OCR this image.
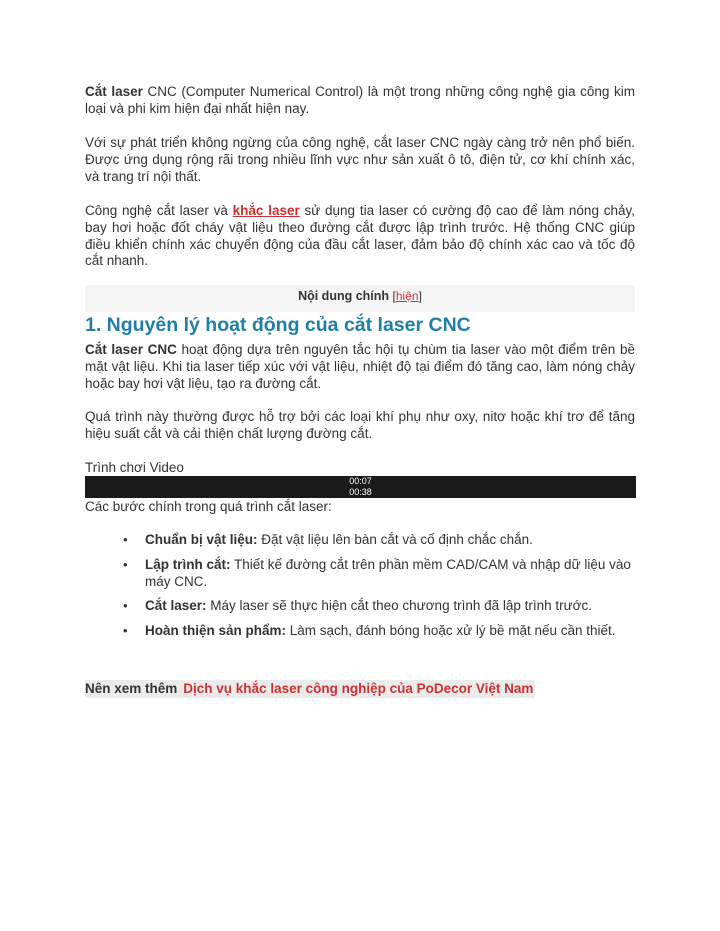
Cắt laser CNC (Computer Numerical Control) là một trong những công nghệ gia công kim loại và phi kim hiện đại nhất hiện nay.

Với sự phát triển không ngừng của công nghệ, cắt laser CNC ngày càng trở nên phổ biến. Được ứng dụng rộng rãi trong nhiều lĩnh vực như sản xuất ô tô, điện tử, cơ khí chính xác, và trang trí nội thất.

Công nghệ cắt laser và khắc laser sử dụng tia laser có cường độ cao để làm nóng chảy, bay hơi hoặc đốt cháy vật liệu theo đường cắt được lập trình trước. Hệ thống CNC giúp điều khiển chính xác chuyển động của đầu cắt laser, đảm bảo độ chính xác cao và tốc độ cắt nhanh.

Nội dung chính [hiện]
1. Nguyên lý hoạt động của cắt laser CNC

Cắt laser CNC hoạt động dựa trên nguyên tắc hội tụ chùm tia laser vào một điểm trên bề mặt vật liệu. Khi tia laser tiếp xúc với vật liệu, nhiệt độ tại điểm đó tăng cao, làm nóng chảy hoặc bay hơi vật liệu, tạo ra đường cắt.

Quá trình này thường được hỗ trợ bởi các loại khí phụ như oxy, nitơ hoặc khí trơ để tăng hiệu suất cắt và cải thiện chất lượng đường cắt.

Trình chơi Video
00:07
00:38

Các bước chính trong quá trình cắt laser:

• Chuẩn bị vật liệu: Đặt vật liệu lên bàn cắt và cố định chắc chắn.
• Lập trình cắt: Thiết kế đường cắt trên phần mềm CAD/CAM và nhập dữ liệu vào máy CNC.
• Cắt laser: Máy laser sẽ thực hiện cắt theo chương trình đã lập trình trước.
• Hoàn thiện sản phẩm: Làm sạch, đánh bóng hoặc xử lý bề mặt nếu cần thiết.
Nên xem thêm Dịch vụ khắc laser công nghiệp của PoDecor Việt Nam
